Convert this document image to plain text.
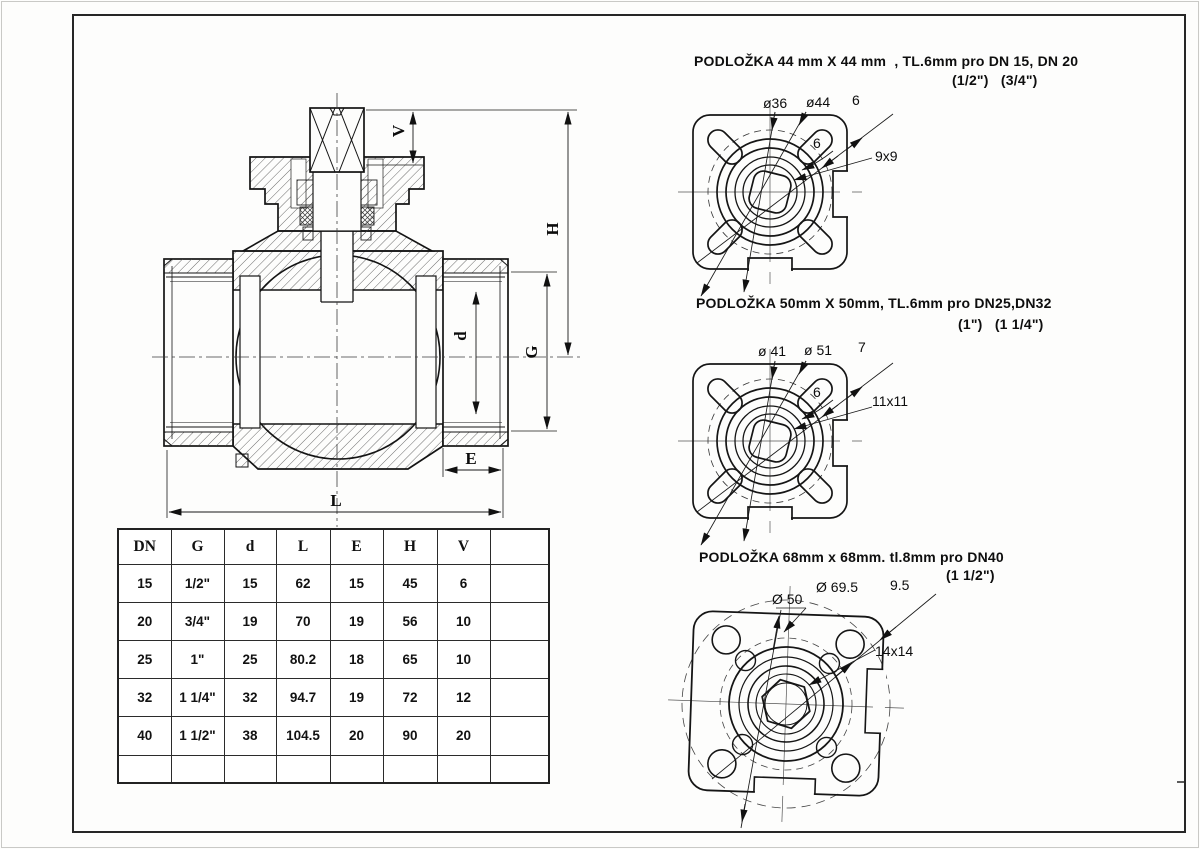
V
H
d
G
E
L
ø36 ø44 6
6
9x9
ø 41 ø 51 7
6
11x11
Ø 50
Ø 69.5 9.5
14x14
PODLOŽKA 44 mm X 44 mm  , TL.6mm pro DN 15, DN 20
(1/2")   (3/4")
PODLOŽKA 50mm X 50mm, TL.6mm pro DN25,DN32
(1")   (1 1/4")
PODLOŽKA 68mm x 68mm. tl.8mm pro DN40
(1 1/2")
DN	G	d	L	E	H	V	
15	1/2"	15	62	15	45	6	
20	3/4"	19	70	19	56	10	
25	1"	25	80.2	18	65	10	
32	1 1/4"	32	94.7	19	72	12	
40	1 1/2"	38	104.5	20	90	20	
